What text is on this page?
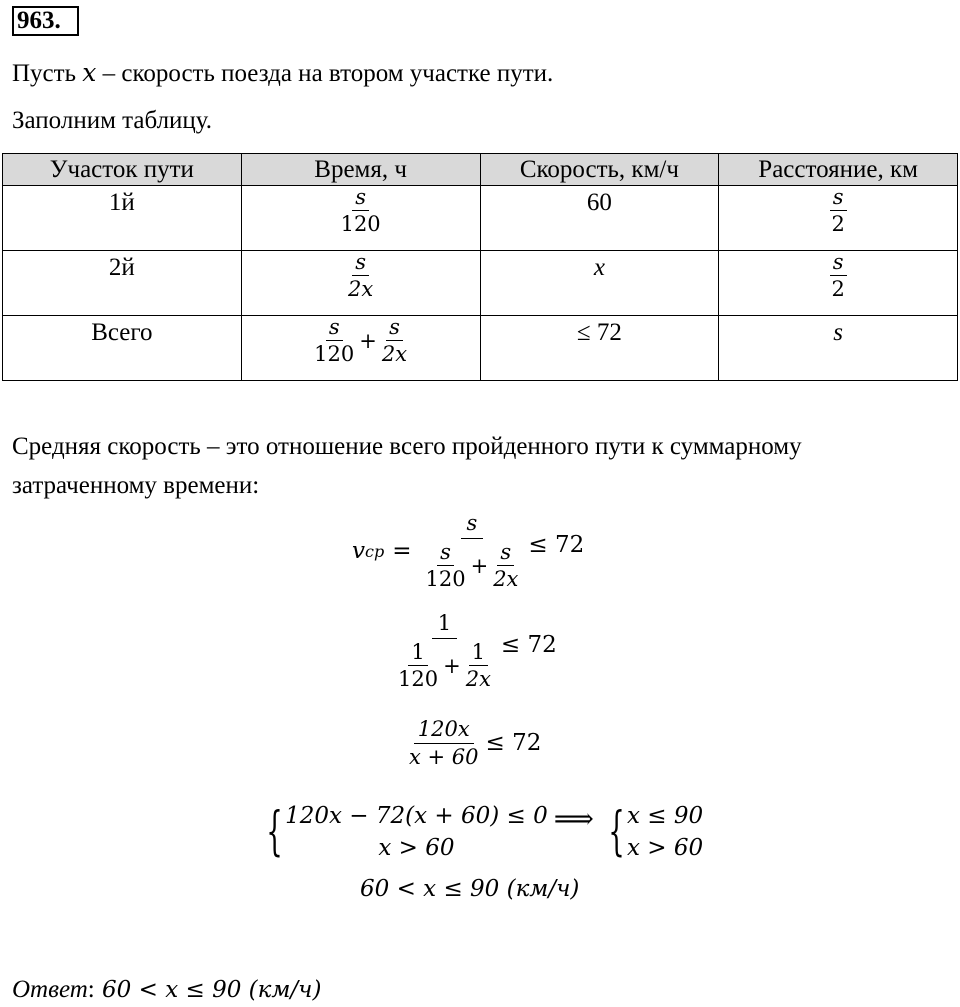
963.
Пусть x – скорость поезда на втором участке пути.
Заполним таблицу.
Участок пути	Время, ч	Скорость, км/ч	Расстояние, км
1й	$\frac{s}{120}$	60	$\frac{s}{2}$

2й	$\frac{s}{2x}$	x	$\frac{s}{2}$

Всего	$\frac{s}{120} + \frac{s}{2x}$	≤ 72	s
Средняя скорость – это отношение всего пройденного пути к суммарному
затраченному времени:
v cp = $\frac{s}{\frac{s}{120} + \frac{s}{2x}} \le 72$
$\frac{1}{\frac{1}{120} + \frac{1}{2x}} \le 72$
$\frac{120x}{x + 60} \le 72$
{ 120x − 72(x + 60) ≤ 0
x > 60
⟹ { x ≤ 90
x > 60
60 < x ≤ 90 (км/ч)
Ответ: 60 < x ≤ 90 (км/ч)
